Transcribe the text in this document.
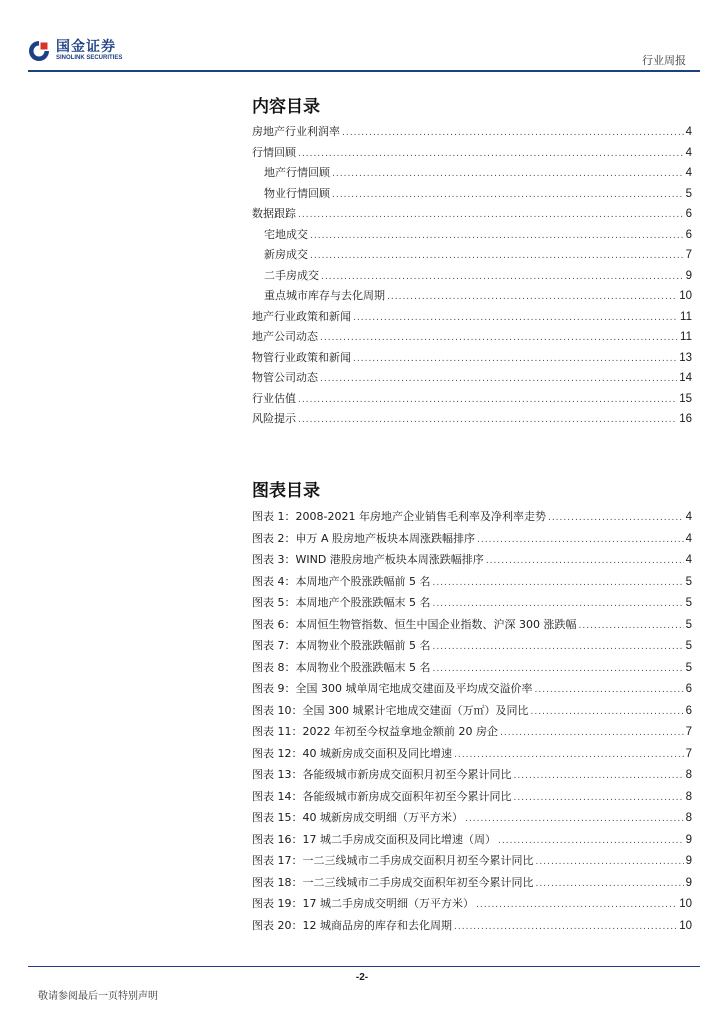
国金证券
SINOLINK SECURITIES	行业周报
内容目录
房地产行业利润率 .....	4
行情回顾 .....	4
地产行情回顾 .....	4
物业行情回顾 .....	5
数据跟踪 .....	6
宅地成交 .....	6
新房成交 .....	7
二手房成交 .....	9
重点城市库存与去化周期 .....	10
地产行业政策和新闻 .....	11
地产公司动态 .....	11
物管行业政策和新闻 .....	13
物管公司动态 .....	14
行业估值 .....	15
风险提示 .....	16
图表目录
图表 1：2008-2021 年房地产企业销售毛利率及净利率走势 .....	4
图表 2：申万 A 股房地产板块本周涨跌幅排序 .....	4
图表 3：WIND 港股房地产板块本周涨跌幅排序 .....	4
图表 4：本周地产个股涨跌幅前 5 名 .....	5
图表 5：本周地产个股涨跌幅末 5 名 .....	5
图表 6：本周恒生物管指数、恒生中国企业指数、沪深 300 涨跌幅 .....	5
图表 7：本周物业个股涨跌幅前 5 名 .....	5
图表 8：本周物业个股涨跌幅末 5 名 .....	5
图表 9：全国 300 城单周宅地成交建面及平均成交溢价率 .....	6
图表 10：全国 300 城累计宅地成交建面（万㎡）及同比 .....	6
图表 11：2022 年初至今权益拿地金额前 20 房企 .....	7
图表 12：40 城新房成交面积及同比增速 .....	7
图表 13：各能级城市新房成交面积月初至今累计同比 .....	8
图表 14：各能级城市新房成交面积年初至今累计同比 .....	8
图表 15：40 城新房成交明细（万平方米） .....	8
图表 16：17 城二手房成交面积及同比增速（周） .....	9
图表 17：一二三线城市二手房成交面积月初至今累计同比 .....	9
图表 18：一二三线城市二手房成交面积年初至今累计同比 .....	9
图表 19：17 城二手房成交明细（万平方米） .....	10
图表 20：12 城商品房的库存和去化周期 .....	10
-2-
敬请参阅最后一页特别声明
